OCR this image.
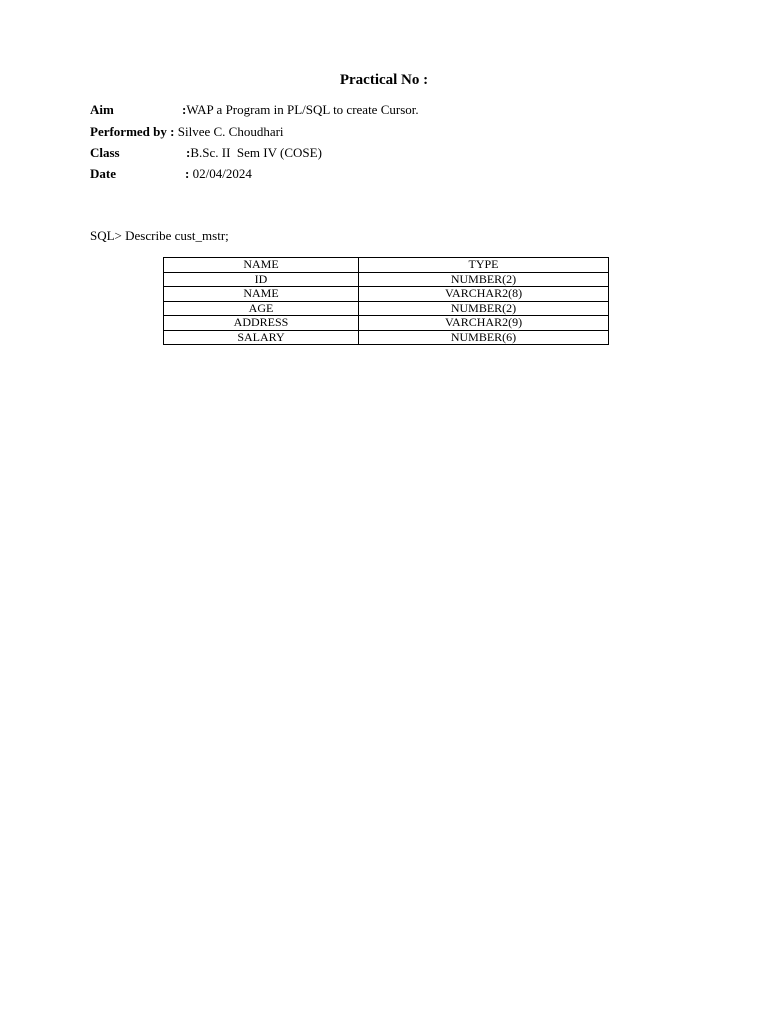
Practical No :
Aim	:WAP a Program in PL/SQL to create Cursor.
Performed by : Silvee C. Choudhari
Class	:B.Sc. II  Sem IV (COSE)
Date	: 02/04/2024
SQL> Describe cust_mstr;
NAME	TYPE
ID	NUMBER(2)
NAME	VARCHAR2(8)
AGE	NUMBER(2)
ADDRESS	VARCHAR2(9)
SALARY	NUMBER(6)
